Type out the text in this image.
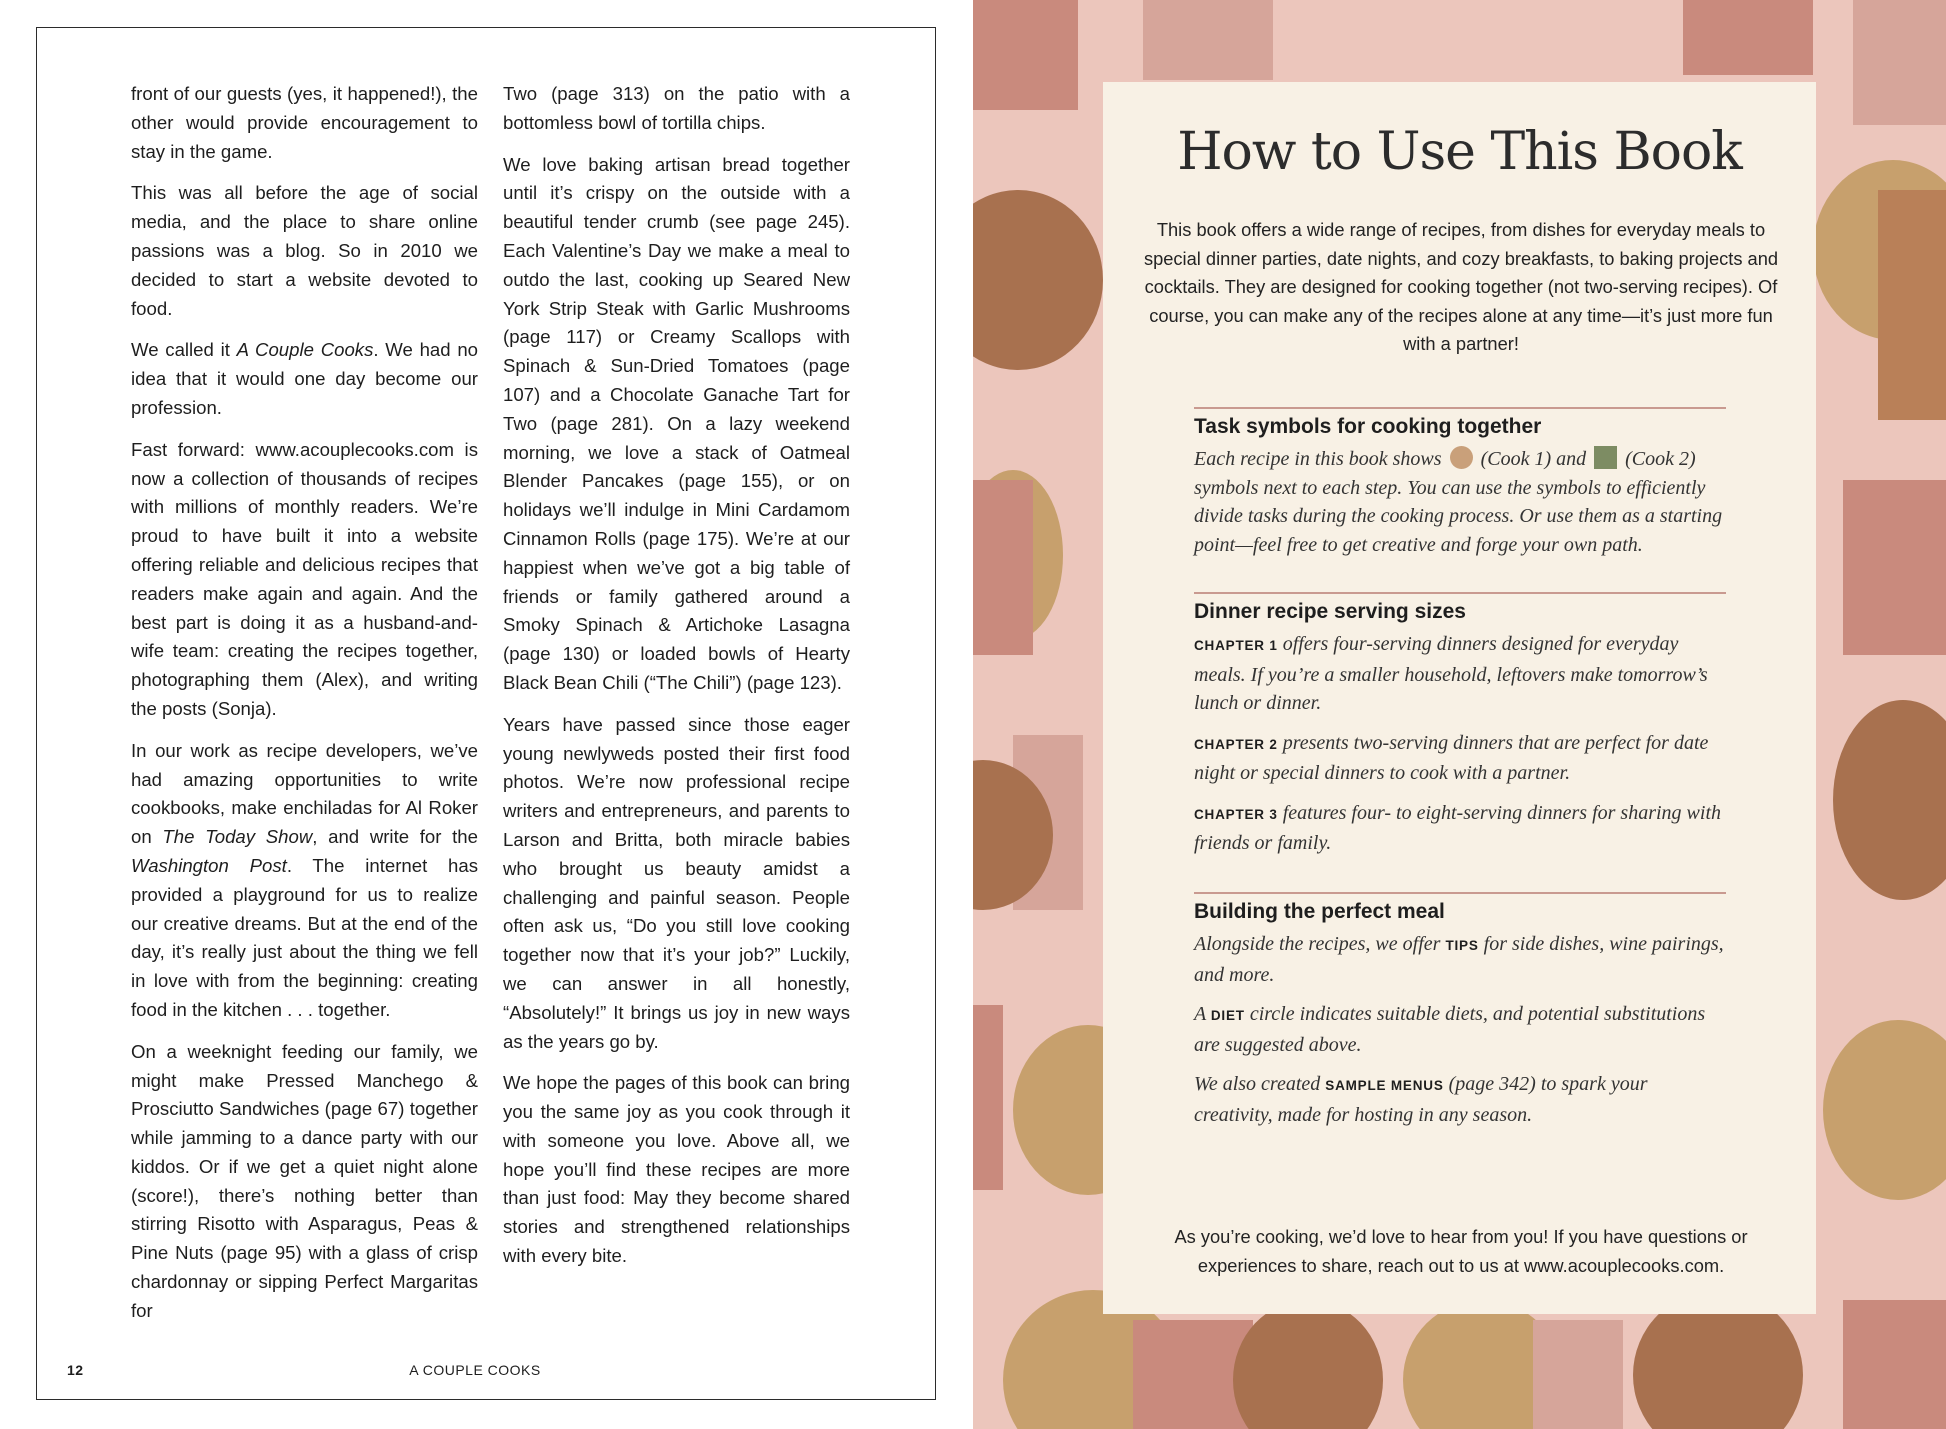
front of our guests (yes, it happened!), the other would provide encouragement to stay in the game.

This was all before the age of social media, and the place to share online passions was a blog. So in 2010 we decided to start a website devoted to food.

We called it A Couple Cooks. We had no idea that it would one day become our profession.

Fast forward: www.acouplecooks.com is now a collection of thousands of recipes with millions of monthly readers. We’re proud to have built it into a website offering reliable and delicious recipes that readers make again and again. And the best part is doing it as a husband-and-wife team: creating the recipes together, photographing them (Alex), and writing the posts (Sonja).

In our work as recipe developers, we’ve had amazing opportunities to write cookbooks, make enchiladas for Al Roker on The Today Show, and write for the Washington Post. The internet has provided a playground for us to realize our creative dreams. But at the end of the day, it’s really just about the thing we fell in love with from the beginning: creating food in the kitchen . . . together.

On a weeknight feeding our family, we might make Pressed Manchego & Prosciutto Sandwiches (page 67) together while jamming to a dance party with our kiddos. Or if we get a quiet night alone (score!), there’s nothing better than stirring Risotto with Asparagus, Peas & Pine Nuts (page 95) with a glass of crisp chardonnay or sipping Perfect Margaritas for

Two (page 313) on the patio with a bottomless bowl of tortilla chips.

We love baking artisan bread together until it’s crispy on the outside with a beautiful tender crumb (see page 245). Each Valentine’s Day we make a meal to outdo the last, cooking up Seared New York Strip Steak with Garlic Mushrooms (page 117) or Creamy Scallops with Spinach & Sun-Dried Tomatoes (page 107) and a Chocolate Ganache Tart for Two (page 281). On a lazy weekend morning, we love a stack of Oatmeal Blender Pancakes (page 155), or on holidays we’ll indulge in Mini Cardamom Cinnamon Rolls (page 175). We’re at our happiest when we’ve got a big table of friends or family gathered around a Smoky Spinach & Artichoke Lasagna (page 130) or loaded bowls of Hearty Black Bean Chili (“The Chili”) (page 123).

Years have passed since those eager young newlyweds posted their first food photos. We’re now professional recipe writers and entrepreneurs, and parents to Larson and Britta, both miracle babies who brought us beauty amidst a challenging and painful season. People often ask us, “Do you still love cooking together now that it’s your job?” Luckily, we can answer in all honestly, “Absolutely!” It brings us joy in new ways as the years go by.

We hope the pages of this book can bring you the same joy as you cook through it with someone you love. Above all, we hope you’ll find these recipes are more than just food: May they become shared stories and strengthened relationships with every bite.

12	A COUPLE COOKS
How to Use This Book

This book offers a wide range of recipes, from dishes for everyday meals to special dinner parties, date nights, and cozy breakfasts, to baking projects and cocktails. They are designed for cooking together (not two-serving recipes). Of course, you can make any of the recipes alone at any time—it’s just more fun with a partner!

Task symbols for cooking together

Each recipe in this book shows (Cook 1) and (Cook 2) symbols next to each step. You can use the symbols to efficiently divide tasks during the cooking process. Or use them as a starting point—feel free to get creative and forge your own path.

Dinner recipe serving sizes

CHAPTER 1 offers four-serving dinners designed for everyday meals. If you’re a smaller household, leftovers make tomorrow’s lunch or dinner.

CHAPTER 2 presents two-serving dinners that are perfect for date night or special dinners to cook with a partner.

CHAPTER 3 features four- to eight-serving dinners for sharing with friends or family.

Building the perfect meal

Alongside the recipes, we offer TIPS for side dishes, wine pairings, and more.

A DIET circle indicates suitable diets, and potential substitutions are suggested above.

We also created SAMPLE MENUS (page 342) to spark your creativity, made for hosting in any season.

As you’re cooking, we’d love to hear from you! If you have questions or experiences to share, reach out to us at www.acouplecooks.com.
